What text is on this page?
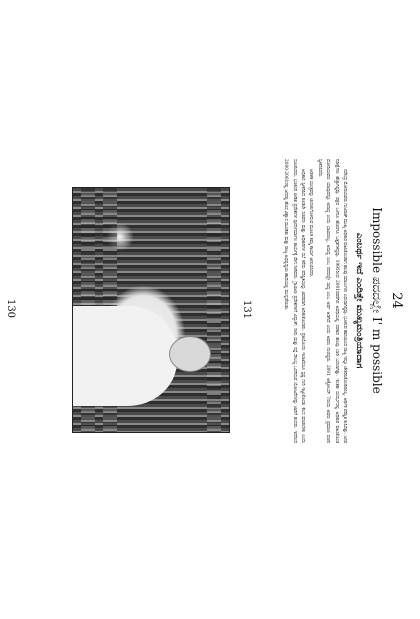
130	24
Impossible ಪದದಲ್ಲೇ I' m possible
ಎಂಬರ್ಥ ಇದೆ ಎಂದಿತ್ತೇ ಮುಖ್ಯಮಂತ್ರಿಯಾದಾಗ

ನರೇಂದ್ರ ಮೋದಿಯವರು ಗುಜರಾತ್ ಮುಖ್ಯ ಅಧಿಕಾರ ವಹಿಸಿಕೊಂಡಾಗ ಹಲವು ಸವಾಲುಗಳು ಎದುರಾಗಿದ್ದವು. ಭೂಕಂಪ ಹಾನಿಯಿಂದ ರಾಜ್ಯ ಇನ್ನೂ ಚೇತರಿಸಿಕೊಂಡಿರಲಿಲ್ಲ. ಆರ್ಥಿಕ ಪರಿಸ್ಥಿತಿ ಕುಸಿದಿತ್ತು. ಜನರ ನಿರೀಕ್ಷೆಗಳು ಹೆಚ್ಚಾಗಿದ್ದವು. ಪಕ್ಷದ ಒಳಗೂ ಹೊರಗೂ ಒತ್ತಡಗಳಿದ್ದವು. 1995ರಿಂದ 2001ರವರೆಗಿನ ಅವಧಿಯಲ್ಲಿ ಸರಕಾರ ಹಲವು ಬಾರಿ ಬದಲಾಗಿತ್ತು. ಇಂತಹ ಸಂದರ್ಭದಲ್ಲಿ ಅಧಿಕಾರ ವಹಿಸಿಕೊಂಡ ಮೋದಿಯವರು ಯಾವುದನ್ನೂ ಅಸಾಧ್ಯ ಎಂದು ಭಾವಿಸಲಿಲ್ಲ. ಅಸಾಧ್ಯ ಎಂಬ ಪದದಲ್ಲೇ ಸಾಧ್ಯ ಎಂಬ ಅರ್ಥ ಅಡಗಿದೆ ಎಂದು ಅವರು ನಂಬಿದ್ದರು. 2001 ಅಕ್ಟೋಬರ್ 7ರಂದು ಅವರು ಪ್ರಮಾಣ ವಚನ ಸ್ವೀಕರಿಸಿದರು.

ಆಡಳಿತ ಯಂತ್ರವನ್ನು ಚುರುಕುಗೊಳಿಸುವ ಮೂಲಕ ತಮ್ಮ ಕಾರ್ಯ ಆರಂಭಿಸಿದರು.

ಅಧಿಕಾರ ಸ್ವೀಕರಿಸಿದ ಕೂಡಲೇ ಸಚಿವರು ಮತ್ತು ಅಧಿಕಾರಿಗಳ ಸಭೆ ಕರೆದು ಪರಿಸ್ಥಿತಿಯನ್ನು ವಿವರವಾಗಿ ಅರಿತುಕೊಂಡರು. ಪ್ರತಿಯೊಂದು ಇಲಾಖೆಯೂ ಸ್ಪಷ್ಟ ಗುರಿ ಇಟ್ಟುಕೊಂಡು ಕೆಲಸ ಮಾಡಬೇಕು ಎಂದು ಸೂಚಿಸಿದರು. ಭೂಕಂಪ ಪೀಡಿತ ಪ್ರದೇಶಗಳ ಪುನರ್ನಿರ್ಮಾಣ ಕಾರ್ಯಕ್ಕೆ ವೇಗ ನೀಡಿದರು. ಗ್ರಾಮೀಣ ಪ್ರದೇಶಗಳಿಗೆ ವಿದ್ಯುತ್, ನೀರು ಮತ್ತು ರಸ್ತೆ ಸೌಲಭ್ಯ ಒದಗಿಸುವ ಯೋಜನೆಗಳನ್ನು ಜಾರಿಗೆ ತಂದರು. ಇದರಿಂದ 2000-2001ರಲ್ಲಿ ಜನರಲ್ಲಿ ಹೊಸ ವಿಶ್ವಾಸ ಮೂಡಿತು ಮತ್ತು ರಾಜ್ಯ ಅಭಿವೃದ್ಧಿಯ ಹಾದಿಯಲ್ಲಿ ಮುನ್ನಡೆಯಿತು.

131
